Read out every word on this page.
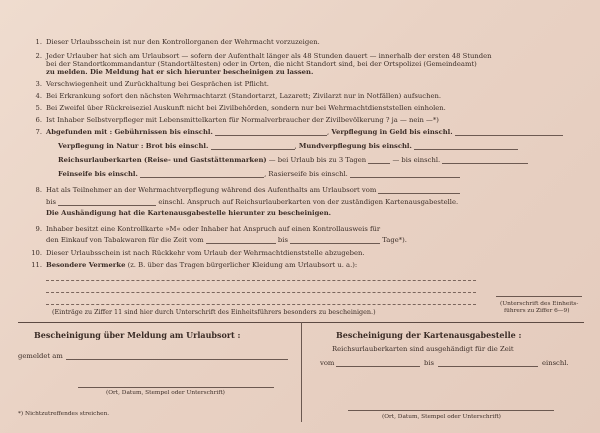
1. Dieser Urlaubsschein ist nur den Kontrollorganen der Wehrmacht vorzuzeigen.
2. Jeder Urlauber hat sich am Urlaubsort — sofern der Aufenthalt länger als 48 Stunden dauert — innerhalb der ersten 48 Stunden
bei der Standortkommandantur (Standortältesten) oder in Orten, die nicht Standort sind, bei der Ortspolizei (Gemeindeamt)
zu melden. Die Meldung hat er sich hierunter bescheinigen zu lassen.
3. Verschwiegenheit und Zurückhaltung bei Gesprächen ist Pflicht.
4. Bei Erkrankung sofort den nächsten Wehrmachtarzt (Standortarzt, Lazarett; Zivilarzt nur in Notfällen) aufsuchen.
5. Bei Zweifel über Rückreiseziel Auskunft nicht bei Zivilbehörden, sondern nur bei Wehrmachtdienststellen einholen.
6. Ist Inhaber Selbstverpfleger mit Lebensmittelkarten für Normalverbraucher der Zivilbevölkerung ? ja — nein —*)
7. Abgefunden mit : Gebührnissen bis einschl.	, Verpflegung in Geld bis einschl.
Verpflegung in Natur : Brot bis einschl.	, Mundverpflegung bis einschl.
Reichsurlauberkarten (Reise- und Gaststättenmarken) — bei Urlaub bis zu 3 Tagen	— bis einschl.
Feinseife bis einschl.	, Rasierseife bis einschl.
8. Hat als Teilnehmer an der Wehrmachtverpflegung während des Aufenthalts am Urlaubsort vom
bis	einschl. Anspruch auf Reichsurlauberkarten von der zuständigen Kartenausgabestelle.
Die Aushändigung hat die Kartenausgabestelle hierunter zu bescheinigen.
9. Inhaber besitzt eine Kontrollkarte »M« oder Inhaber hat Anspruch auf einen Kontrollausweis für
den Einkauf von Tabakwaren für die Zeit vom	bis	Tage*).
10. Dieser Urlaubsschein ist nach Rückkehr vom Urlaub der Wehrmachtdienststelle abzugeben.
11. Besondere Vermerke (z. B. über das Tragen bürgerlicher Kleidung am Urlaubsort u. a.):
(Unterschrift des Einheits-
führers zu Ziffer 6—9)
(Einträge zu Ziffer 11 sind hier durch Unterschrift des Einheitsführers besonders zu bescheinigen.)
Bescheinigung über Meldung am Urlaubsort :
gemeldet am
(Ort, Datum, Stempel oder Unterschrift)
*) Nichtzutreffendes streichen.
Bescheinigung der Kartenausgabestelle :
Reichsurlauberkarten sind ausgehändigt für die Zeit
vom	bis	einschl.
(Ort, Datum, Stempel oder Unterschrift)
